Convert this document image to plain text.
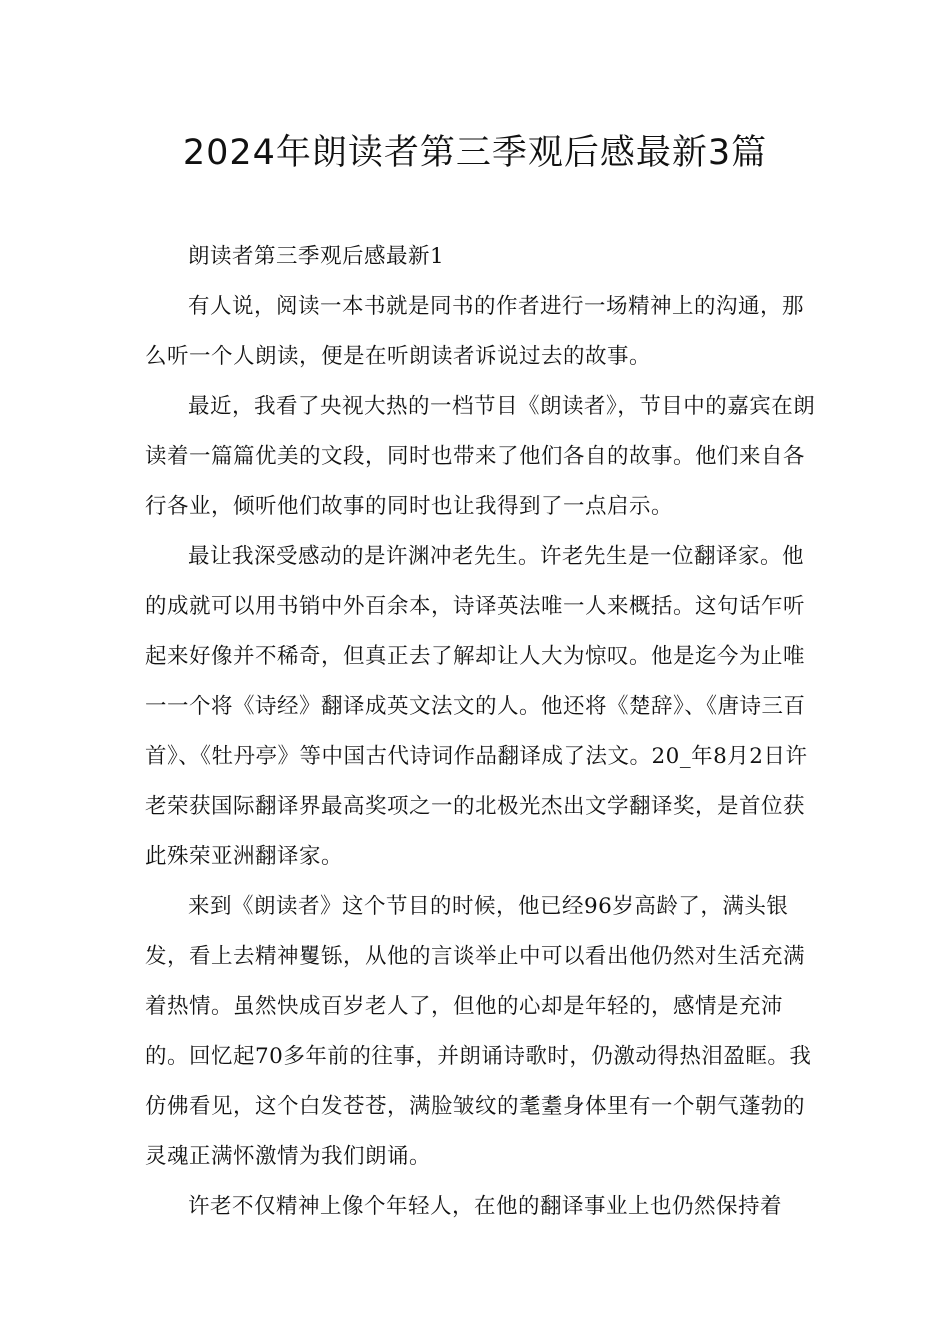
2024年朗读者第三季观后感最新3篇

朗读者第三季观后感最新1

有人说，阅读一本书就是同书的作者进行一场精神上的沟通，那么听一个人朗读，便是在听朗读者诉说过去的故事。

最近，我看了央视大热的一档节目《朗读者》，节目中的嘉宾在朗读着一篇篇优美的文段，同时也带来了他们各自的故事。他们来自各行各业，倾听他们故事的同时也让我得到了一点启示。

最让我深受感动的是许渊冲老先生。许老先生是一位翻译家。他的成就可以用书销中外百余本，诗译英法唯一人来概括。这句话乍听起来好像并不稀奇，但真正去了解却让人大为惊叹。他是迄今为止唯一一个将《诗经》翻译成英文法文的人。他还将《楚辞》、《唐诗三百首》、《牡丹亭》等中国古代诗词作品翻译成了法文。20_年8月2日许老荣获国际翻译界最高奖项之一的北极光杰出文学翻译奖，是首位获此殊荣亚洲翻译家。

来到《朗读者》这个节目的时候，他已经96岁高龄了，满头银发，看上去精神矍铄，从他的言谈举止中可以看出他仍然对生活充满着热情。虽然快成百岁老人了，但他的心却是年轻的，感情是充沛的。回忆起70多年前的往事，并朗诵诗歌时，仍激动得热泪盈眶。我仿佛看见，这个白发苍苍，满脸皱纹的耄耋身体里有一个朝气蓬勃的灵魂正满怀激情为我们朗诵。

许老不仅精神上像个年轻人，在他的翻译事业上也仍然保持着
